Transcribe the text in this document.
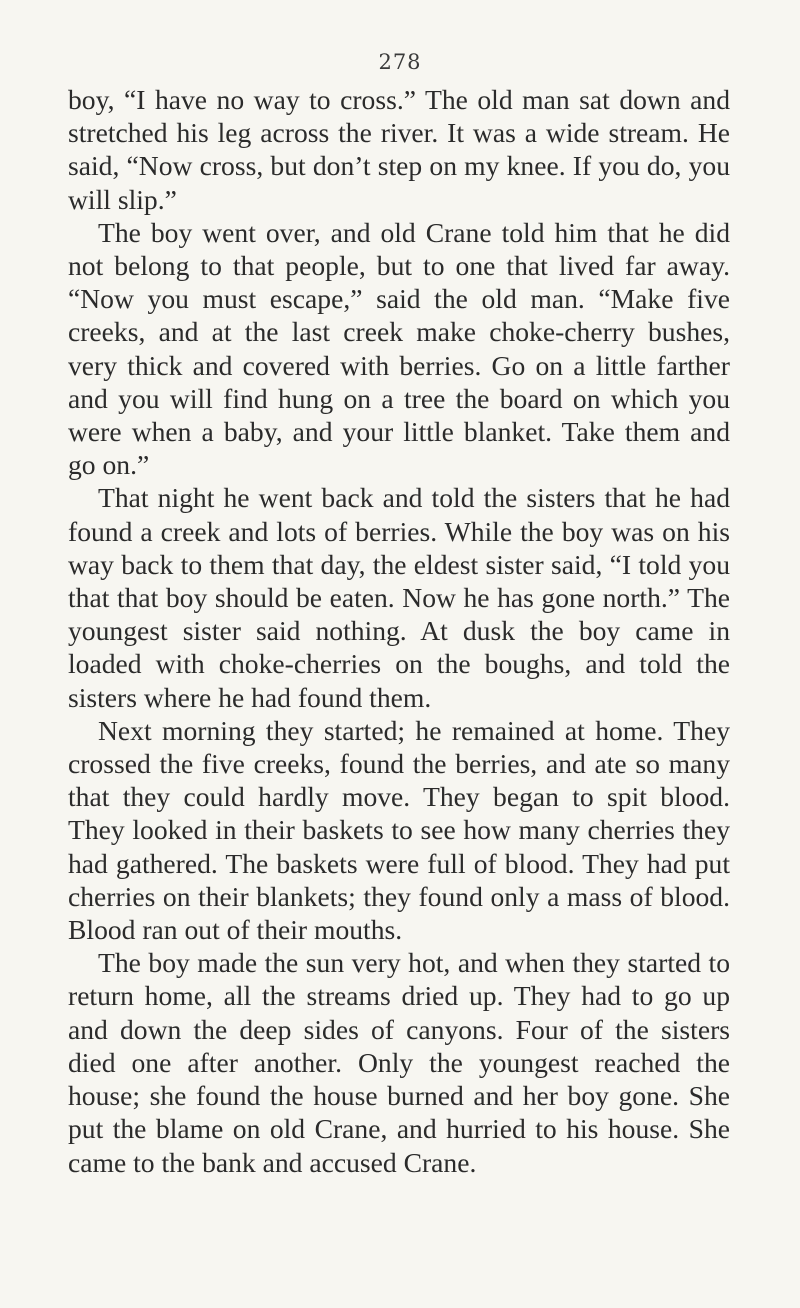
278

boy, “I have no way to cross.” The old man sat down and stretched his leg across the river. It was a wide stream. He said, “Now cross, but don’t step on my knee. If you do, you will slip.”

The boy went over, and old Crane told him that he did not belong to that people, but to one that lived far away. “Now you must escape,” said the old man. “Make five creeks, and at the last creek make choke-cherry bushes, very thick and covered with berries. Go on a little farther and you will find hung on a tree the board on which you were when a baby, and your little blanket. Take them and go on.”

That night he went back and told the sisters that he had found a creek and lots of berries. While the boy was on his way back to them that day, the eldest sister said, “I told you that that boy should be eaten. Now he has gone north.” The youngest sister said nothing. At dusk the boy came in loaded with choke-cherries on the boughs, and told the sisters where he had found them.

Next morning they started; he remained at home. They crossed the five creeks, found the berries, and ate so many that they could hardly move. They began to spit blood. They looked in their baskets to see how many cherries they had gathered. The baskets were full of blood. They had put cherries on their blankets; they found only a mass of blood. Blood ran out of their mouths.

The boy made the sun very hot, and when they started to return home, all the streams dried up. They had to go up and down the deep sides of canyons. Four of the sisters died one after another. Only the youngest reached the house; she found the house burned and her boy gone. She put the blame on old Crane, and hurried to his house. She came to the bank and accused Crane.
